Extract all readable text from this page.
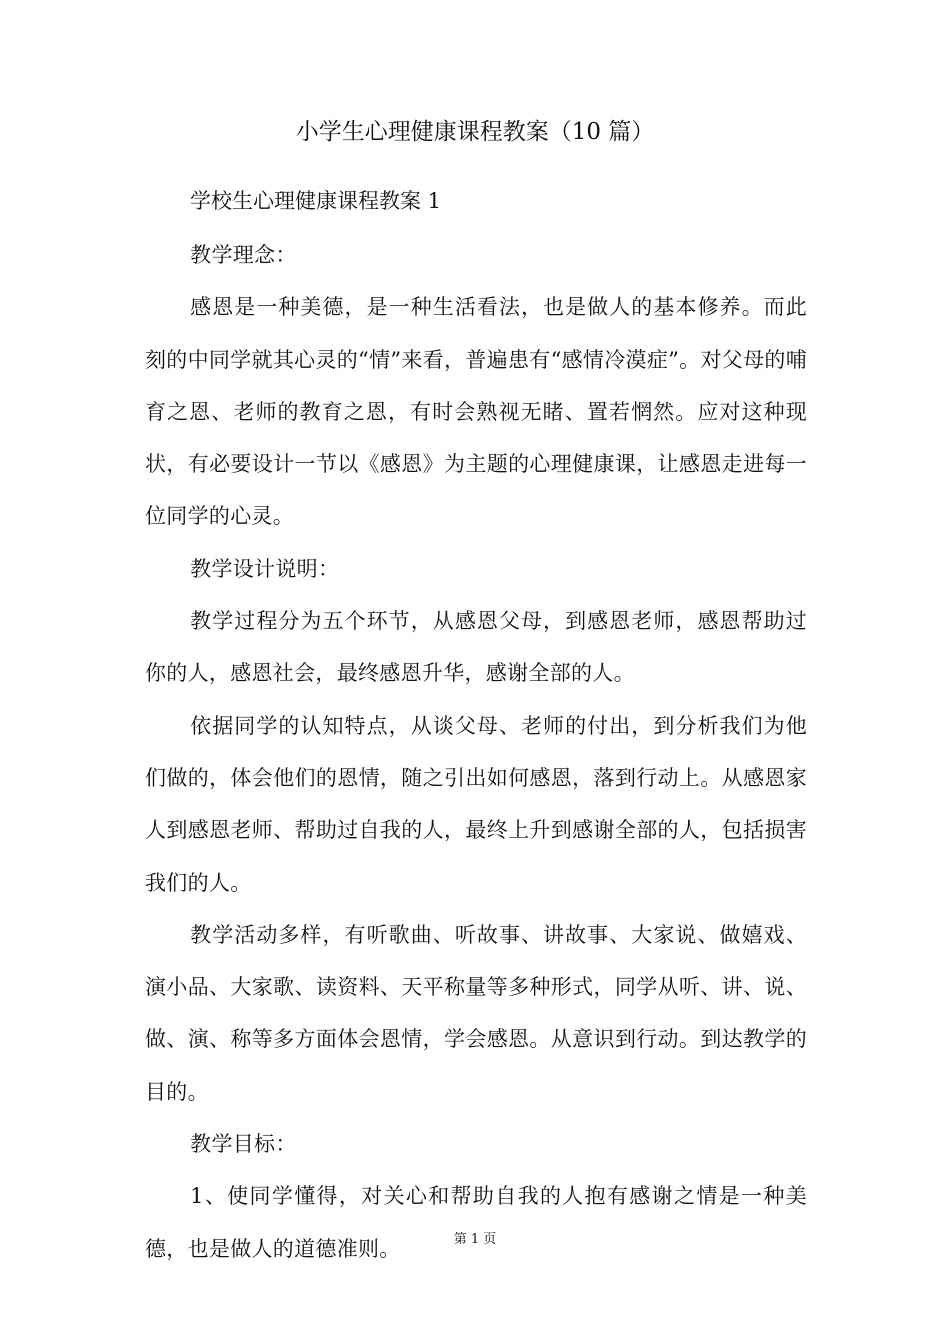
小学生心理健康课程教案（10 篇）
学校生心理健康课程教案 1

教学理念：

感恩是一种美德，是一种生活看法，也是做人的基本修养。而此刻的中同学就其心灵的“情”来看，普遍患有“感情冷漠症”。对父母的哺育之恩、老师的教育之恩，有时会熟视无睹、置若惘然。应对这种现状，有必要设计一节以《感恩》为主题的心理健康课，让感恩走进每一位同学的心灵。

教学设计说明：

教学过程分为五个环节，从感恩父母，到感恩老师，感恩帮助过你的人，感恩社会，最终感恩升华，感谢全部的人。

依据同学的认知特点，从谈父母、老师的付出，到分析我们为他们做的，体会他们的恩情，随之引出如何感恩，落到行动上。从感恩家人到感恩老师、帮助过自我的人，最终上升到感谢全部的人，包括损害我们的人。

教学活动多样，有听歌曲、听故事、讲故事、大家说、做嬉戏、演小品、大家歌、读资料、天平称量等多种形式，同学从听、讲、说、做、演、称等多方面体会恩情，学会感恩。从意识到行动。到达教学的目的。

教学目标：

1、使同学懂得，对关心和帮助自我的人抱有感谢之情是一种美德，也是做人的道德准则。	第 1 页
